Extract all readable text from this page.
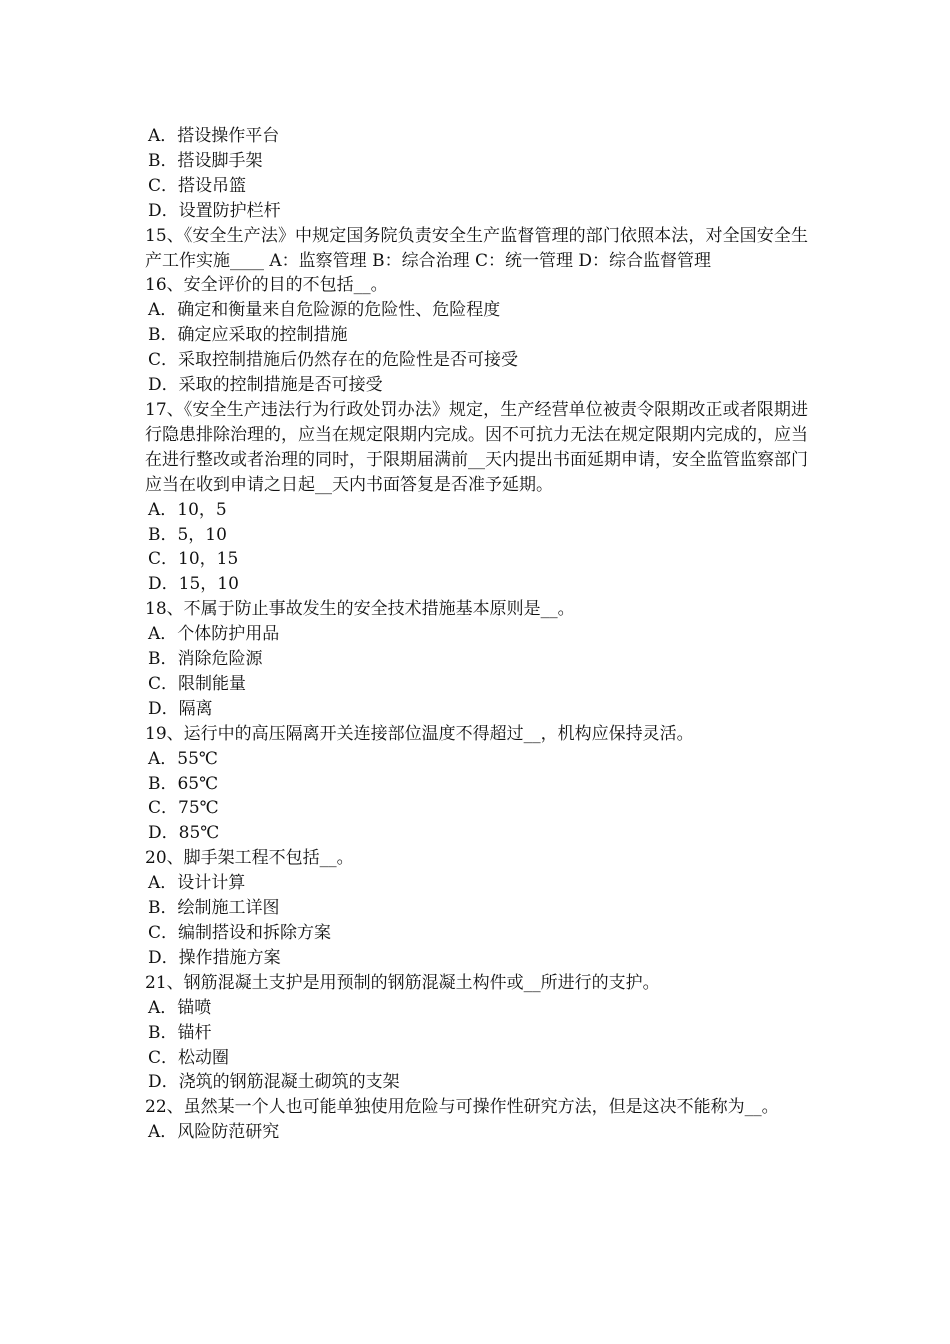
A．搭设操作平台
B．搭设脚手架
C．搭设吊篮
D．设置防护栏杆
15、《安全生产法》中规定国务院负责安全生产监督管理的部门依照本法，对全国安全生产工作实施____ A：监察管理 B：综合治理 C：统一管理 D：综合监督管理
16、安全评价的目的不包括__。
A．确定和衡量来自危险源的危险性、危险程度
B．确定应采取的控制措施
C．采取控制措施后仍然存在的危险性是否可接受
D．采取的控制措施是否可接受
17、《安全生产违法行为行政处罚办法》规定，生产经营单位被责令限期改正或者限期进行隐患排除治理的，应当在规定限期内完成。因不可抗力无法在规定限期内完成的，应当在进行整改或者治理的同时，于限期届满前__天内提出书面延期申请，安全监管监察部门应当在收到申请之日起__天内书面答复是否准予延期。
A．10，5
B．5，10
C．10，15
D．15，10
18、不属于防止事故发生的安全技术措施基本原则是__。
A．个体防护用品
B．消除危险源
C．限制能量
D．隔离
19、运行中的高压隔离开关连接部位温度不得超过__，机构应保持灵活。
A．55℃
B．65℃
C．75℃
D．85℃
20、脚手架工程不包括__。
A．设计计算
B．绘制施工详图
C．编制搭设和拆除方案
D．操作措施方案
21、钢筋混凝土支护是用预制的钢筋混凝土构件或__所进行的支护。
A．锚喷
B．锚杆
C．松动圈
D．浇筑的钢筋混凝土砌筑的支架
22、虽然某一个人也可能单独使用危险与可操作性研究方法，但是这决不能称为__。
A．风险防范研究
